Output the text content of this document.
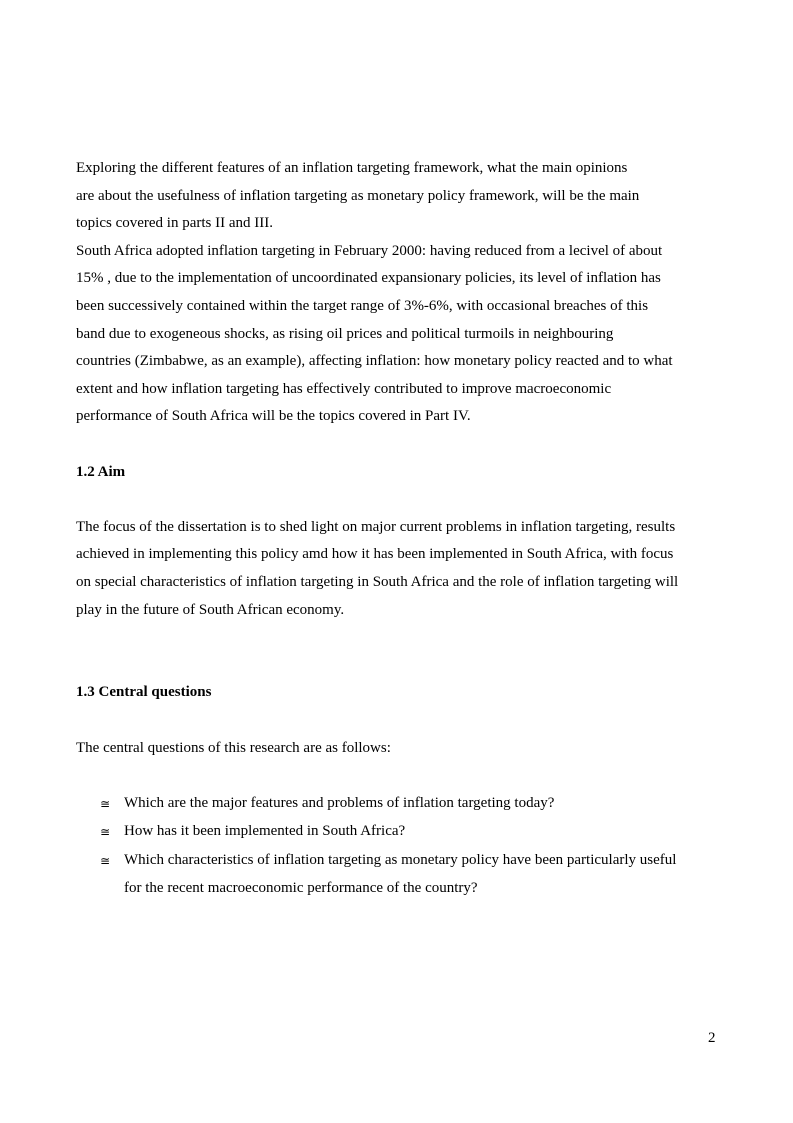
Exploring the different features of an inflation targeting framework, what the main opinions
are about the usefulness of inflation targeting as monetary policy framework, will be the main
topics covered in parts II and III.
South Africa adopted inflation targeting in February 2000: having reduced from a lecivel of about
15% , due to the implementation of uncoordinated expansionary policies, its level of inflation has
been successively contained within the target range of 3%-6%, with occasional breaches of this
band due to exogeneous shocks, as rising oil prices and political turmoils in neighbouring
countries (Zimbabwe, as an example), affecting inflation: how monetary policy reacted and to what
extent and how inflation targeting has effectively contributed to improve macroeconomic
performance of South Africa will be the topics covered in Part IV.
1.2 Aim
The focus of the dissertation is to shed light on major current problems in inflation targeting, results
achieved in implementing this policy amd how it has been implemented in South Africa, with focus
on special characteristics of inflation targeting in South Africa and the role of inflation targeting will
play in the future of South African economy.
1.3 Central questions
The central questions of this research are as follows:
≅ Which are the major features and problems of inflation targeting today?
≅ How has it been implemented in South Africa?
≅ Which characteristics of inflation targeting as monetary policy have been particularly useful
for the recent macroeconomic performance of the country?
2
